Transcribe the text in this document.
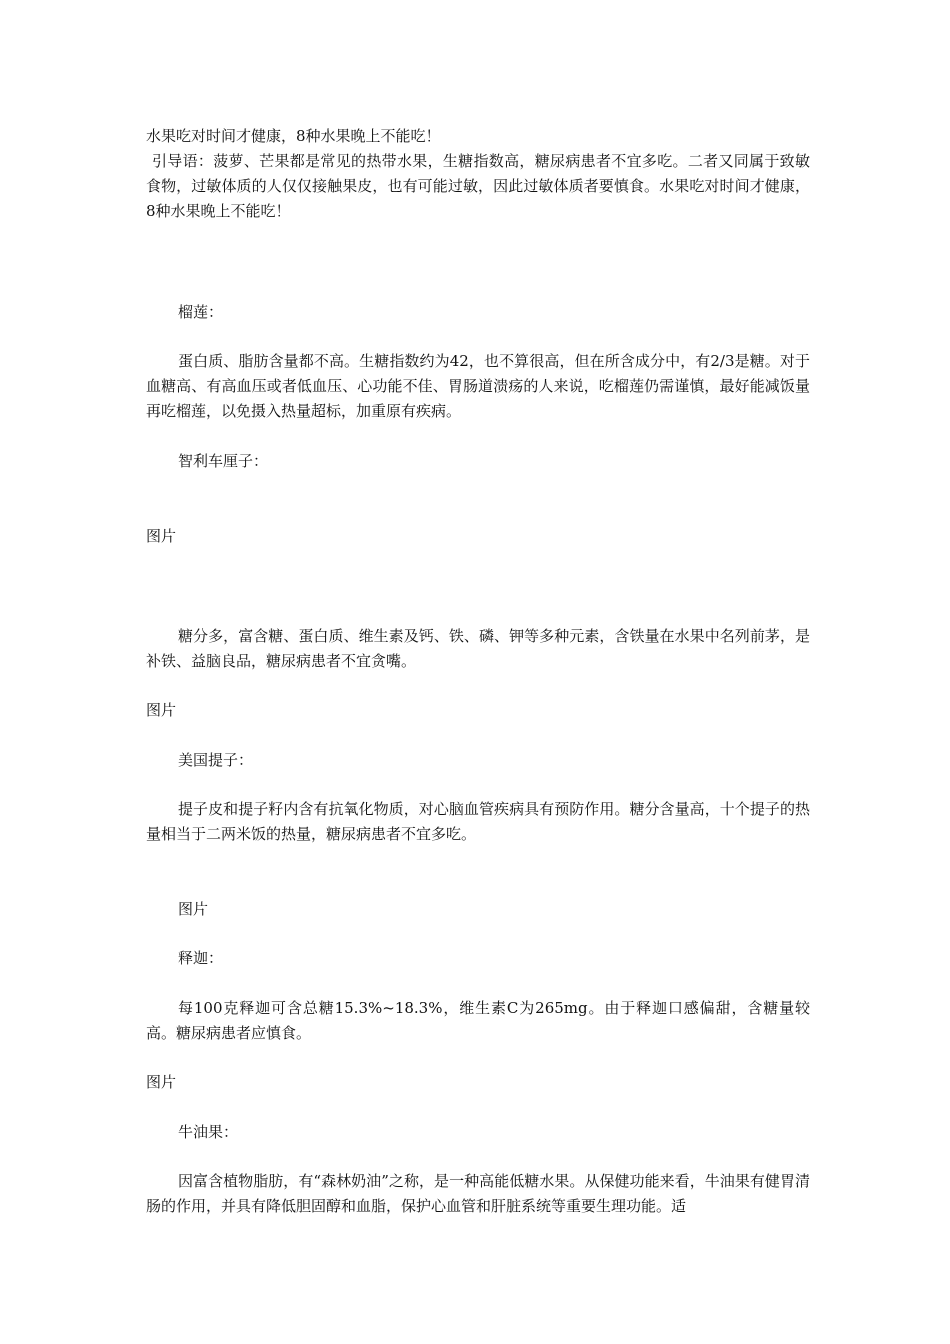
水果吃对时间才健康，8种水果晚上不能吃！

引导语：菠萝、芒果都是常见的热带水果，生糖指数高，糖尿病患者不宜多吃。二者又同属于致敏食物，过敏体质的人仅仅接触果皮，也有可能过敏，因此过敏体质者要慎食。水果吃对时间才健康，8种水果晚上不能吃！

榴莲：

蛋白质、脂肪含量都不高。生糖指数约为42，也不算很高，但在所含成分中，有2/3是糖。对于血糖高、有高血压或者低血压、心功能不佳、胃肠道溃疡的人来说，吃榴莲仍需谨慎，最好能减饭量再吃榴莲，以免摄入热量超标，加重原有疾病。

智利车厘子：

图片

糖分多，富含糖、蛋白质、维生素及钙、铁、磷、钾等多种元素，含铁量在水果中名列前茅，是补铁、益脑良品，糖尿病患者不宜贪嘴。

图片

美国提子：

提子皮和提子籽内含有抗氧化物质，对心脑血管疾病具有预防作用。糖分含量高，十个提子的热量相当于二两米饭的热量，糖尿病患者不宜多吃。

图片

释迦：

每100克释迦可含总糖15.3%~18.3%，维生素C为265mg。由于释迦口感偏甜，含糖量较高。糖尿病患者应慎食。

图片

牛油果：

因富含植物脂肪，有“森林奶油”之称，是一种高能低糖水果。从保健功能来看，牛油果有健胃清肠的作用，并具有降低胆固醇和血脂，保护心血管和肝脏系统等重要生理功能。适
